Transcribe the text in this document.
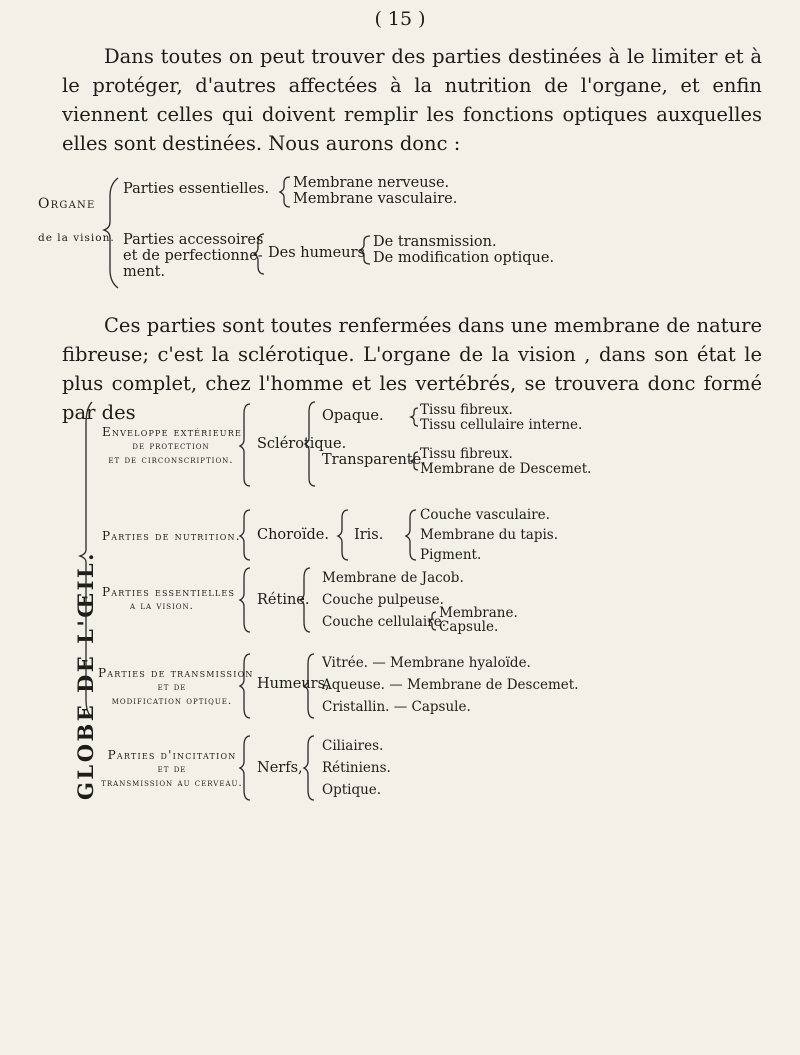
( 15 )
Dans toutes on peut trouver des parties destinées à le limiter et à le protéger, d'autres affectées à la nutrition de l'organe, et enfin viennent celles qui doivent remplir les fonctions optiques auxquelles elles sont destinées. Nous aurons donc :
Organe
de la vision.
Parties essentielles. Membrane nerveuse.
Membrane vasculaire.
Parties accessoires
et de perfectionne-
ment.
Des humeurs
De transmission.
De modification optique.
Ces parties sont toutes renfermées dans une membrane de nature fibreuse; c'est la sclérotique. L'organe de la vision , dans son état le plus complet, chez l'homme et les vertébrés, se trouvera donc formé par des
GLOBE DE L'ŒIL.
Enveloppe extérieure
de protection
et de circonscription.
Sclérotique.
Opaque.	Tissu fibreux.
Tissu cellulaire interne.
Transparente.
Tissu fibreux.
Membrane de Descemet.
Parties de nutrition. Choroïde. Iris.
Couche vasculaire.
Membrane du tapis.
Pigment.
Parties essentielles
a la vision.	Rétine.
Membrane de Jacob.
Couche pulpeuse.
Couche cellulaire.
Membrane.
Capsule.
Parties de transmission
et de
modification optique.
Humeurs,
Vitrée. — Membrane hyaloïde.
Aqueuse. — Membrane de Descemet.
Cristallin. — Capsule.
Parties d'incitation
et de
transmission au cerveau.
Nerfs,
Ciliaires.
Rétiniens.
Optique.
